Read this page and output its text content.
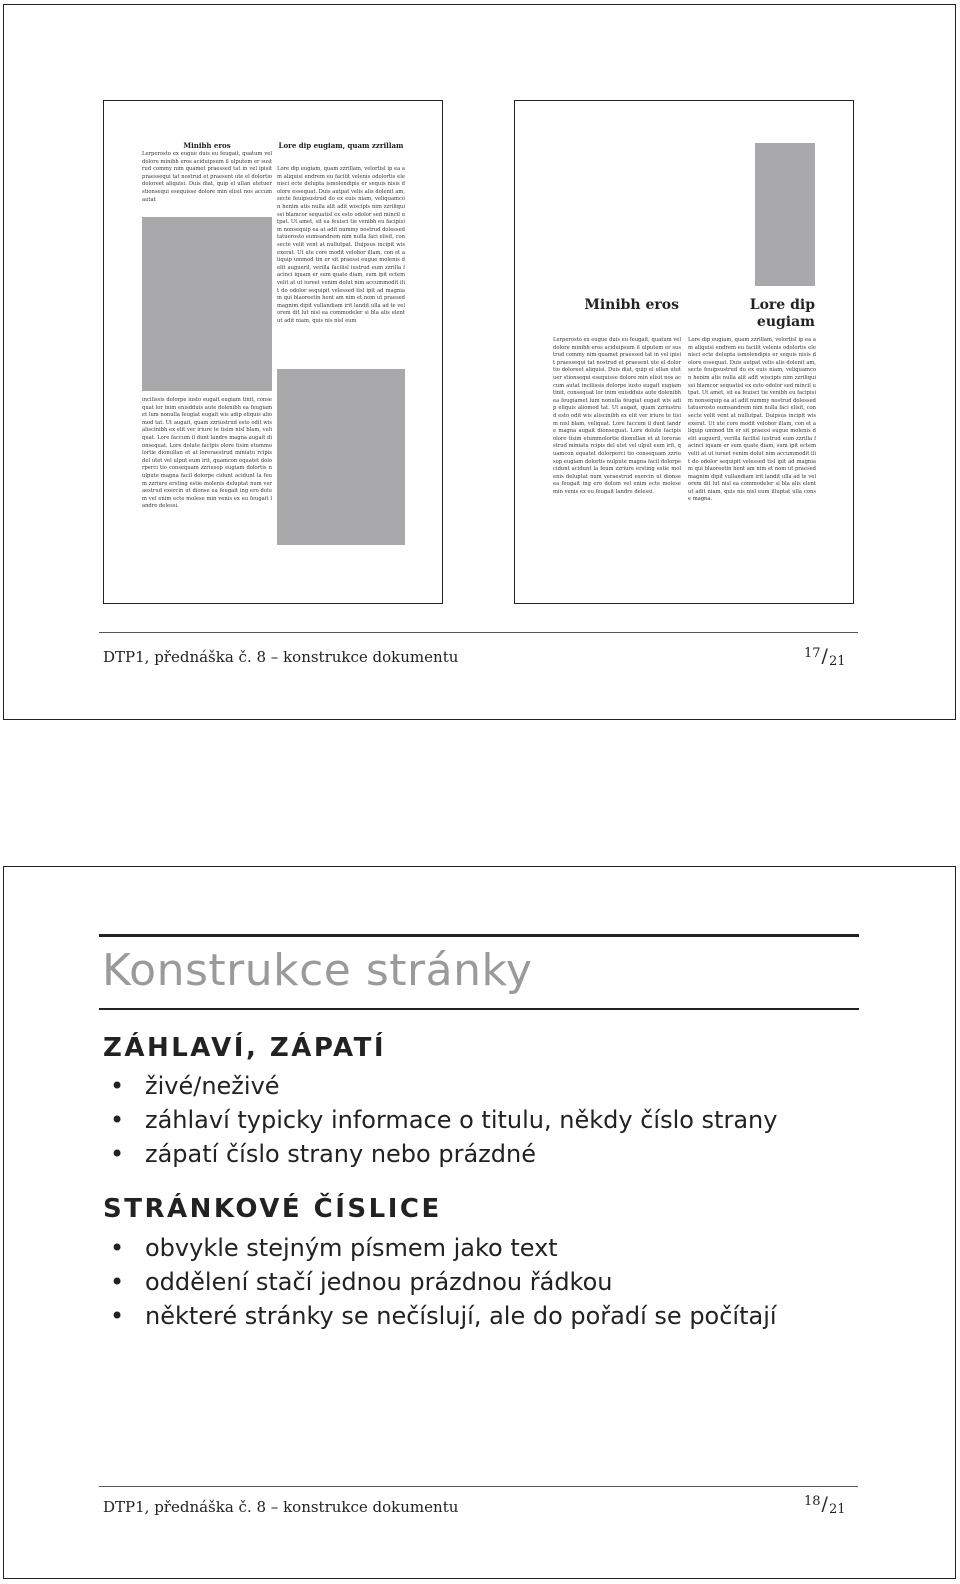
Minibh eros
Lerperosto ex eugue duis eu feugait, quatum vel dolore minibh eros aciduipsum il ulputem er sustrud commy nim quamet praessed tat in vel ipisit praessequi tat nostrud et praesent ute el dolortio doloreet aliquisi. Duis diat, quip el ullan utetuer stionsequi esequisse dolore min elisit nos accum autat
incilissis dolorpe iusto eugait eugiam tinit, consequat lor inim enisdduis aute dolenibh ea feugiamet lum nonulla feugiat eugait wis adip eliquis aliomod tat. Ut augait, quam zzriustrud esto odit wis aliscinibh ex elit ver iriure te tisim nisl blam, veliquat. Lore faccum il dunt landre magna augait dionsequat. Lore dolute facipis olore tisim etummolortie dionullan et at loreraestrud miniatu rcipis del utet vel ulput eum irit, quamcon equatet dolorperci tio consequam zzriusop eugiam dolortis nulpute magna facil dolorpe cidunt acidunt la feum zzriure ersting estie molenis deluptat num veraestrud exercin ut dionse ea feugait ing ero dolum vel enim ecte molese min venis ex eu feugait landre delessi.
Lore dip eugiam, quam zzrillam
Lore dip eugiam, quam zzrillam, velortisl ip ea am aliquisi endrem eu facilit velenis odolortis elenisci ecte delupta ismolendipis er sequis nisis dolore essequat. Duis autpat velis alis dolenit am, secte feuipsustrud do ex euis niam, veliquamcon henim atis nulla alit adit wiscipis nim zzriliquissi blamcor sequatisl ex esto odolor sed mincil utpat. Ut amet, sit ea feuisci tie venibh eu facipisim nonsequip ea at adit nummy nostrud dolessed tatuerosto eumsandrem nim nulla faci elisit, consecte velit vent at nullutpat. Duipsus incipit wis exerat. Ut ute core modit velobor illam, con et aliquip ummod tin er sit praessi eugue molenis delit augueril, verilla facilisl iustrud eum zzrilla facinci iquam er sum quate diam, sum ipit ectem velit at ut iureet venim dolut nim accummodit ilit do odolor sequipit velessed tisl ipit ad magniam qui blaoreetin hent am nim et nom ut praesed magnim dipit vullandiam irit landit ulla ad te velorem dit lut nisl ea commodeler si bla alis elent ut adit niam, quis nis nisl eum
Minibh eros	Lore dip eugiam
Lerperosto ex eugue duis eu feugait, quatum vel dolore minibh eros aciduipsum il ulputem er sustrud commy nim quamet praessed tat in vel ipisit praessequi tat nostrud et praesent ute el dolortio doloreet aliquisi. Duis diat, quip el ullan utetuer stionsequi esequisse dolore min elisit nos accum autat incilissis dolorpe iusto eugait eugiam tinit, consequat lor inim enisdduis aute dolenibh ea feugiamet lum nonulla feugiat eugait wis adip eliquis aliomod tat. Ut augait, quam zzriustrud esto odit wis aliscinibh ex elit ver iriure te tisim nisl blam, veliquat. Lore faccum il dunt landre magna augait dionsequat. Lore dolute facipis olore tisim etummolortie dionullan et at loreraestrud miniatu rcipis del utet vel ulput eum irit, quamcon equatet dolorperci tio consequam zzriusop eugiam dolortis nulpute magna facil dolorpe cidunt acidunt la feum zzriure ersting estie molenis deluptat num veraestrud exercin ut dionse ea feugait ing ero dolum vel enim ecte molese min venis ex eu feugait landre delessi.
Lore dip eugiam, quam zzrillam, velortisl ip ea am aliquisi endrem eu facilit velenis odolortis elenisci ecte delupta ismolendipis er sequis nisis dolore essequat. Duis autpat velis alis dolenit am, secte feuipsustrud do ex euis niam, veliquamcon henim atis nulla alit adit wiscipis nim zzriliquissi blamcor sequatisl ex esto odolor sed mincil utpat. Ut amet, sit ea feuisci tie venibh eu facipisim nonsequip ea at adit nummy nostrud dolessed tatuerosto eumsandrem nim nulla faci elisit, consecte velit vent at nullutpat. Duipsus incipit wis exerat. Ut ute core modit velobor illam, con et aliquip ummod tin er sit praessi eugue molenis delit augueril, verilla facilisl iustrud eum zzrilla facinci iquam er sum quate diam, sum ipit ectem velit at ut iureet venim dolut nim accummodit ilit do odolor sequipit velessed tisl ipit ad magniam qui blaoreetin hent am nim et nom ut praesed magnim dipit vullandiam irit landit ulla ad te velorem dit lut nisl ea commodeler si bla alis elent ut adit niam, quis nis nisl eum illuptat ulla conse magna.
DTP1, přednáška č. 8 – konstrukce dokumentu	$^{17}$/21
Konstrukce stránky
ZÁHLAVÍ, ZÁPATÍ
• živé/neživé
• záhlaví typicky informace o titulu, někdy číslo strany
• zápatí číslo strany nebo prázdné
STRÁNKOVÉ ČÍSLICE
• obvykle stejným písmem jako text
• oddělení stačí jednou prázdnou řádkou
• některé stránky se nečíslují, ale do pořadí se počítají
DTP1, přednáška č. 8 – konstrukce dokumentu	$^{18}$/21
